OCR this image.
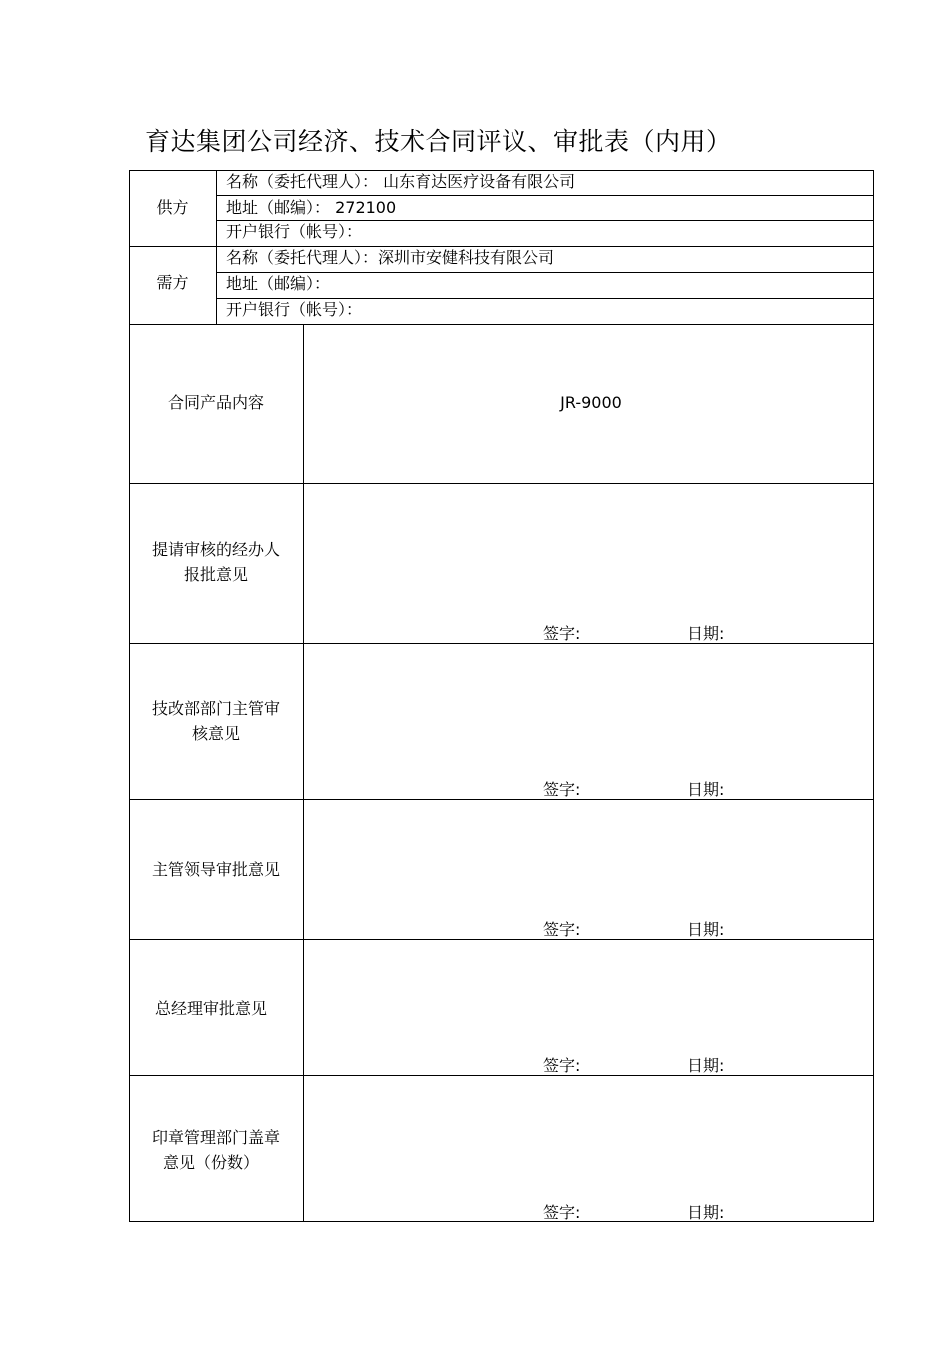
育达集团公司经济、技术合同评议、审批表（内用）
供方
名称（委托代理人）： 山东育达医疗设备有限公司
地址（邮编）： 272100
开户银行（帐号）：
需方
名称（委托代理人）：深圳市安健科技有限公司
地址（邮编）：
开户银行（帐号）：
合同产品内容	JR-9000
提请审核的经办人
报批意见
签字:	日期:
技改部部门主管审
核意见
签字:	日期:
主管领导审批意见
签字:	日期:
总经理审批意见
签字:	日期:
印章管理部门盖章
意见（份数）
签字:	日期:
